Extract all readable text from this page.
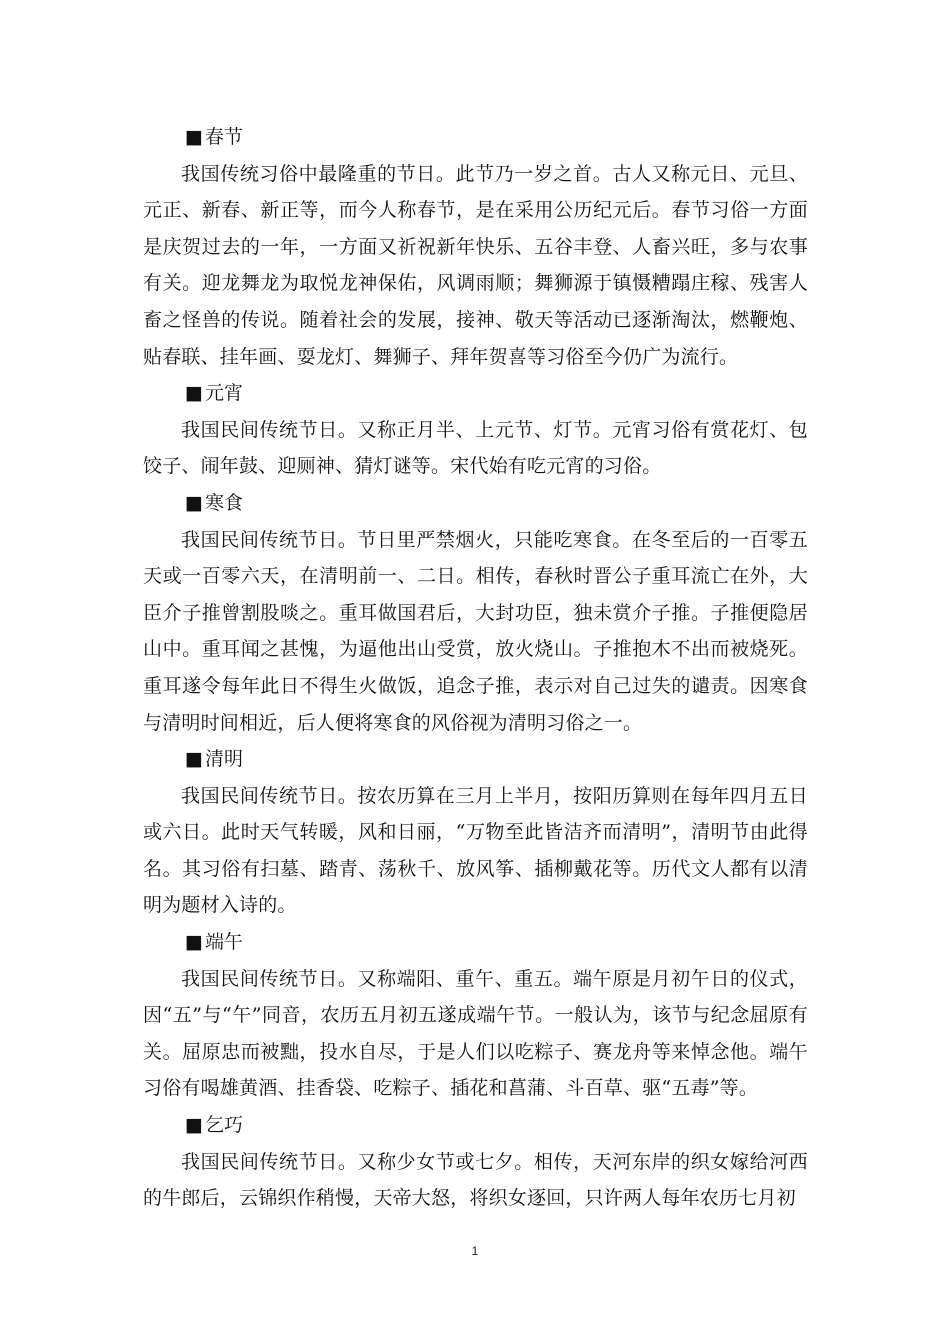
■ 春节

我国传统习俗中最隆重的节日。此节乃一岁之首。古人又称元日、元旦、元正、新春、新正等，而今人称春节，是在采用公历纪元后。春节习俗一方面是庆贺过去的一年，一方面又祈祝新年快乐、五谷丰登、人畜兴旺，多与农事有关。迎龙舞龙为取悦龙神保佑，风调雨顺；舞狮源于镇慑糟蹋庄稼、残害人畜之怪兽的传说。随着社会的发展，接神、敬天等活动已逐渐淘汰，燃鞭炮、贴春联、挂年画、耍龙灯、舞狮子、拜年贺喜等习俗至今仍广为流行。

■ 元宵

我国民间传统节日。又称正月半、上元节、灯节。元宵习俗有赏花灯、包饺子、闹年鼓、迎厕神、猜灯谜等。宋代始有吃元宵的习俗。

■ 寒食

我国民间传统节日。节日里严禁烟火，只能吃寒食。在冬至后的一百零五天或一百零六天，在清明前一、二日。相传，春秋时晋公子重耳流亡在外，大臣介子推曾割股啖之。重耳做国君后，大封功臣，独未赏介子推。子推便隐居山中。重耳闻之甚愧，为逼他出山受赏，放火烧山。子推抱木不出而被烧死。重耳遂令每年此日不得生火做饭，追念子推，表示对自己过失的谴责。因寒食与清明时间相近，后人便将寒食的风俗视为清明习俗之一。

■ 清明

我国民间传统节日。按农历算在三月上半月，按阳历算则在每年四月五日或六日。此时天气转暖，风和日丽，“万物至此皆洁齐而清明”，清明节由此得名。其习俗有扫墓、踏青、荡秋千、放风筝、插柳戴花等。历代文人都有以清明为题材入诗的。

■ 端午

我国民间传统节日。又称端阳、重午、重五。端午原是月初午日的仪式，因“五”与“午”同音，农历五月初五遂成端午节。一般认为，该节与纪念屈原有关。屈原忠而被黜，投水自尽，于是人们以吃粽子、赛龙舟等来悼念他。端午习俗有喝雄黄酒、挂香袋、吃粽子、插花和菖蒲、斗百草、驱“五毒”等。

■ 乞巧

我国民间传统节日。又称少女节或七夕。相传，天河东岸的织女嫁给河西的牛郎后，云锦织作稍慢，天帝大怒，将织女逐回，只许两人每年农历七月初

1
